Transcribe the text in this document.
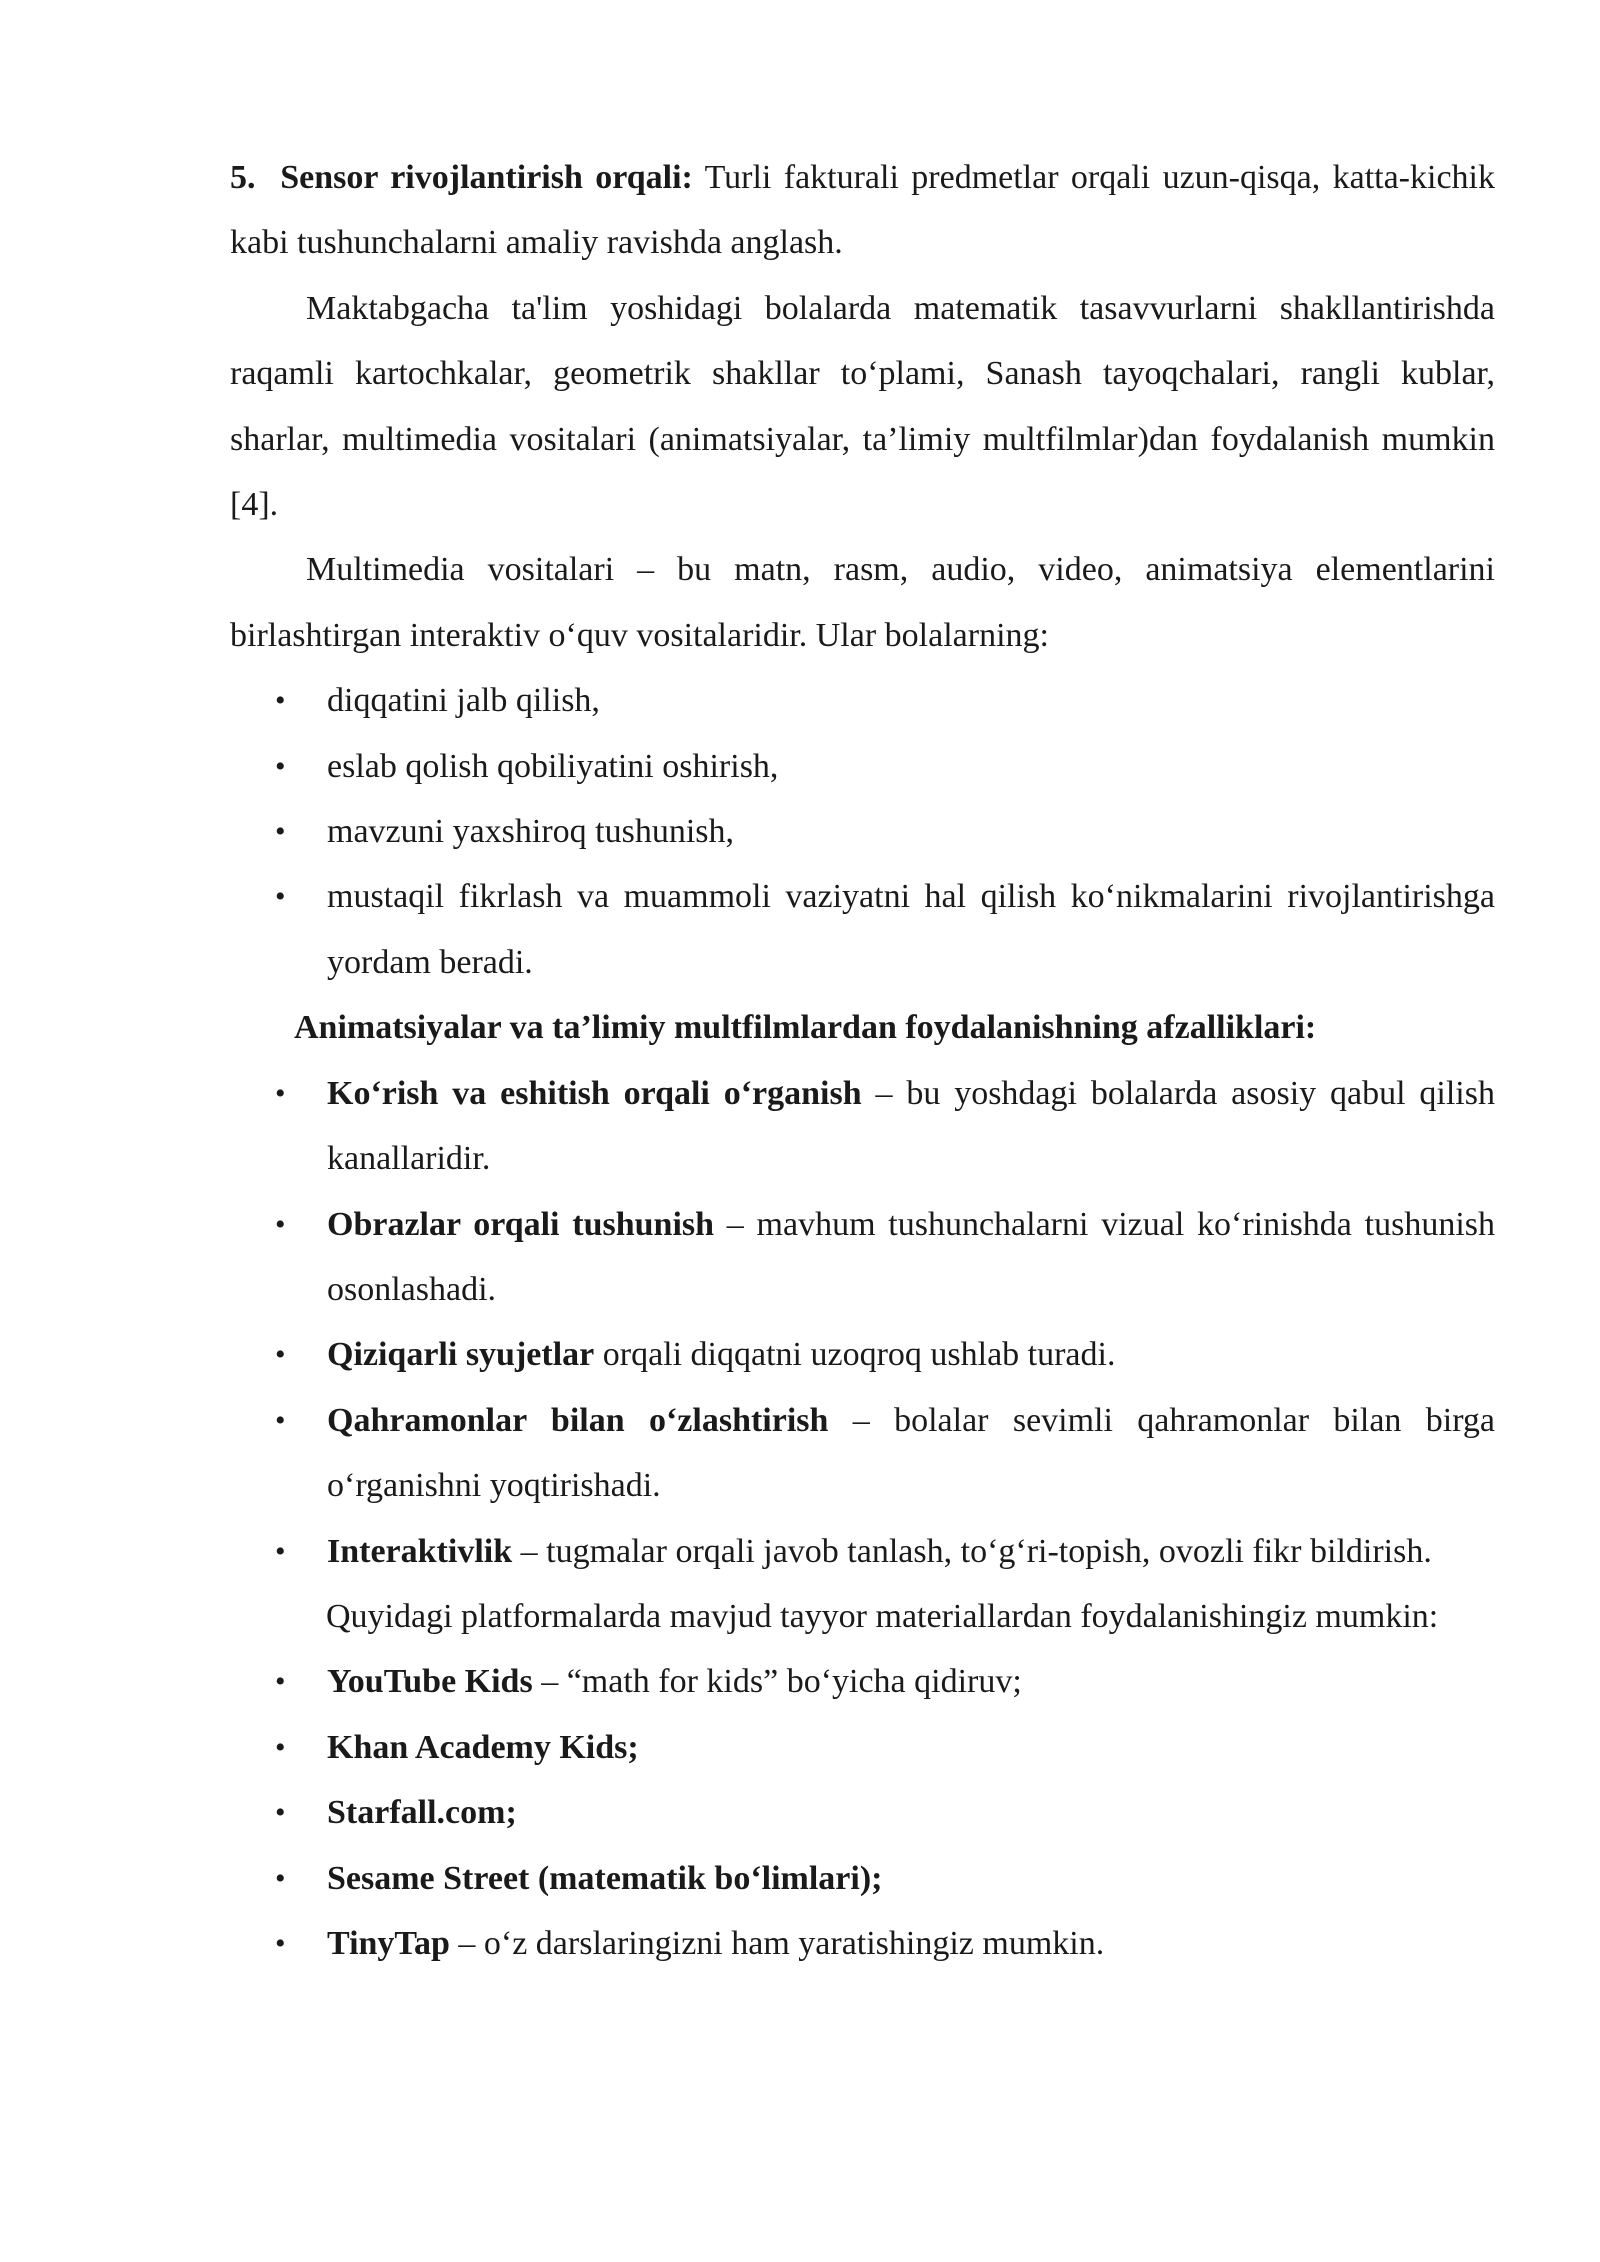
5. Sensor rivojlantirish orqali: Turli fakturali predmetlar orqali uzun-qisqa, katta-kichik kabi tushunchalarni amaliy ravishda anglash.

Maktabgacha ta'lim yoshidagi bolalarda matematik tasavvurlarni shakllantirishda raqamli kartochkalar, geometrik shakllar to‘plami, Sanash tayoqchalari, rangli kublar, sharlar, multimedia vositalari (animatsiyalar, ta’limiy multfilmlar)dan foydalanish mumkin [4].

Multimedia vositalari – bu matn, rasm, audio, video, animatsiya elementlarini birlashtirgan interaktiv o‘quv vositalaridir. Ular bolalarning:

• diqqatini jalb qilish,
• eslab qolish qobiliyatini oshirish,
• mavzuni yaxshiroq tushunish,
• mustaqil fikrlash va muammoli vaziyatni hal qilish ko‘nikmalarini rivojlantirishga yordam beradi.

Animatsiyalar va ta’limiy multfilmlardan foydalanishning afzalliklari:

• Ko‘rish va eshitish orqali o‘rganish – bu yoshdagi bolalarda asosiy qabul qilish kanallaridir.
• Obrazlar orqali tushunish – mavhum tushunchalarni vizual ko‘rinishda tushunish osonlashadi.
• Qiziqarli syujetlar orqali diqqatni uzoqroq ushlab turadi.
• Qahramonlar bilan o‘zlashtirish – bolalar sevimli qahramonlar bilan birga o‘rganishni yoqtirishadi.
• Interaktivlik – tugmalar orqali javob tanlash, to‘g‘ri-topish, ovozli fikr bildirish.

Quyidagi platformalarda mavjud tayyor materiallardan foydalanishingiz mumkin:

• YouTube Kids – “math for kids” bo‘yicha qidiruv;
• Khan Academy Kids;
• Starfall.com;
• Sesame Street (matematik bo‘limlari);
• TinyTap – o‘z darslaringizni ham yaratishingiz mumkin.
